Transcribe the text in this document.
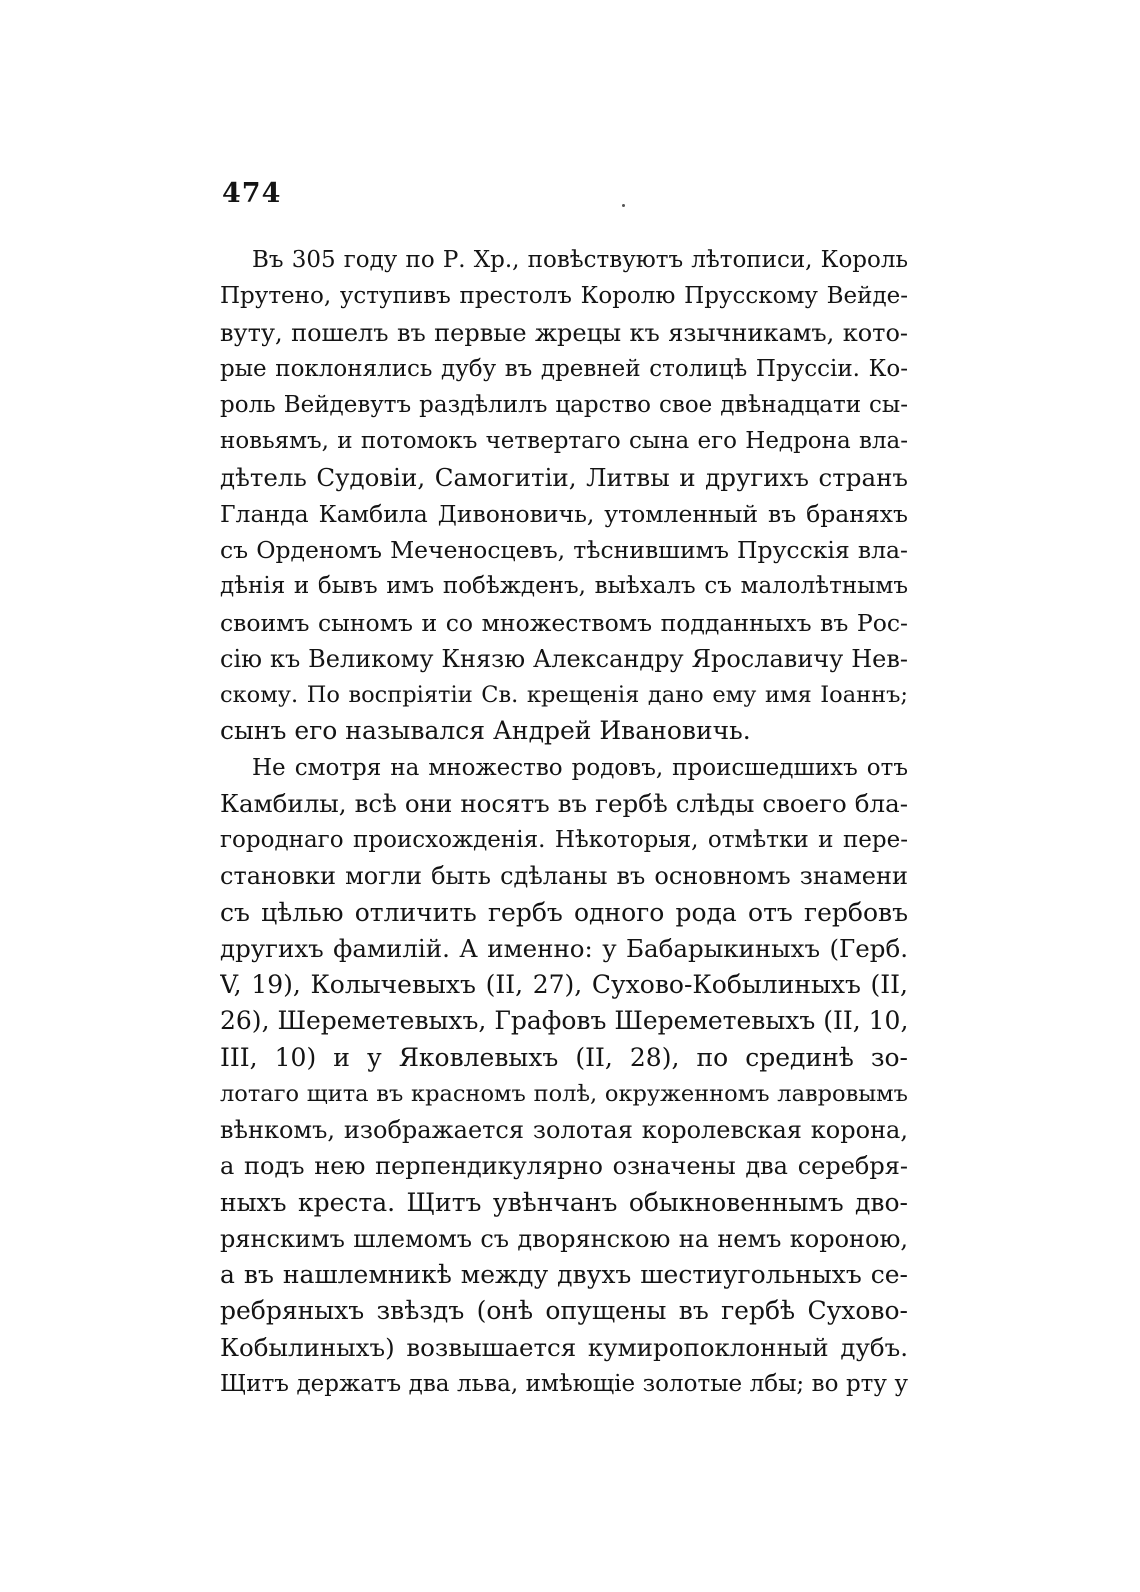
474
Въ 305 году по Р. Хр., повѣствуютъ лѣтописи, Король
Прутено, уступивъ престолъ Королю Прусскому Вейде-
вуту, пошелъ въ первые жрецы къ язычникамъ, кото-
рые поклонялись дубу въ древней столицѣ Пруссіи. Ко-
роль Вейдевутъ раздѣлилъ царство свое двѣнадцати сы-
новьямъ, и потомокъ четвертаго сына его Недрона вла-
дѣтель Судовіи, Самогитіи, Литвы и другихъ странъ
Гланда Камбила Дивоновичь, утомленный въ браняхъ
съ Орденомъ Меченосцевъ, тѣснившимъ Прусскія вла-
дѣнія и бывъ имъ побѣжденъ, выѣхалъ съ малолѣтнымъ
своимъ сыномъ и со множествомъ подданныхъ въ Рос-
сію къ Великому Князю Александру Ярославичу Нев-
скому. По воспріятіи Св. крещенія дано ему имя Іоаннъ;
сынъ его назывался Андрей Ивановичь.
Не смотря на множество родовъ, происшедшихъ отъ
Камбилы, всѣ они носятъ въ гербѣ слѣды своего бла-
городнаго происхожденія. Нѣкоторыя, отмѣтки и пере-
становки могли быть сдѣланы въ основномъ знамени
съ цѣлью отличить гербъ одного рода отъ гербовъ
другихъ фамилій. А именно: у Бабарыкиныхъ (Герб.
V, 19), Колычевыхъ (II, 27), Сухово-Кобылиныхъ (II,
26), Шереметевыхъ, Графовъ Шереметевыхъ (II, 10,
III, 10) и у Яковлевыхъ (II, 28), по срединѣ зо-
лотаго щита въ красномъ полѣ, окруженномъ лавровымъ
вѣнкомъ, изображается золотая королевская корона,
а подъ нею перпендикулярно означены два серебря-
ныхъ креста. Щитъ увѣнчанъ обыкновеннымъ дво-
рянскимъ шлемомъ съ дворянскою на немъ короною,
а въ нашлемникѣ между двухъ шестиугольныхъ се-
ребряныхъ звѣздъ (онѣ опущены въ гербѣ Сухово-
Кобылиныхъ) возвышается кумиропоклонный дубъ.
Щитъ держатъ два льва, имѣющіе золотые лбы; во рту у
